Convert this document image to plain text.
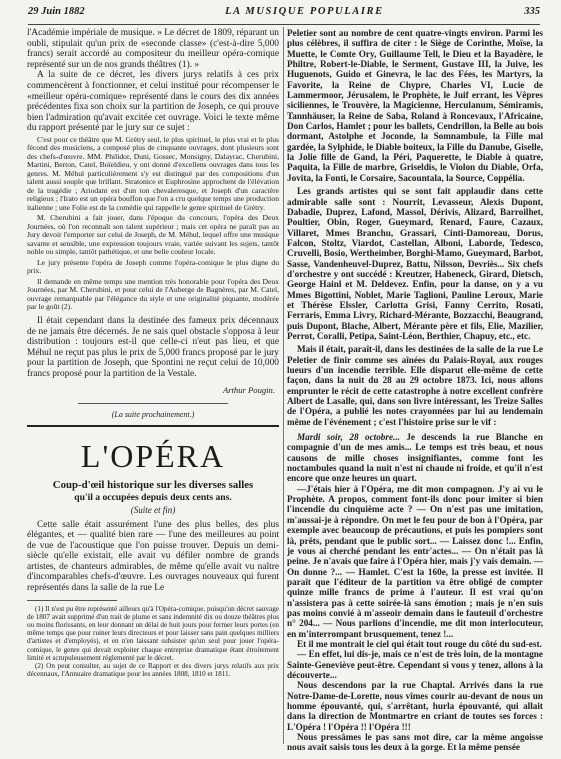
29 Juin 1882	LA MUSIQUE POPULAIRE	335

l'Académie impériale de musique. » Le décret de 1809, réparant un oubli, stipulait qu'un prix de «seconde classe» (c'est-à-dire 5,000 francs) serait accordé au compositeur du meilleur opéra-comique représenté sur un de nos grands théâtres (1). »

A la suite de ce décret, les divers jurys relatifs à ces prix commencèrent à fonctionner, et celui institué pour récompenser le «meilleur opéra-comique» représenté dans le cours des dix années précédentes fixa son choix sur la partition de Joseph, ce qui prouve bien l'admiration qu'avait excitée cet ouvrage. Voici le texte même du rapport présenté par le jury sur ce sujet :

C'est pour ce théâtre que M. Grétry seul, le plus spirituel, le plus vrai et le plus fécond des musiciens, a composé plus de cinquante ouvrages, dont plusieurs sont des chefs-d'œuvre. MM. Philidor, Duni, Gossec, Monsigny, Dalayrac, Cherubini, Martini, Berton, Catel, Boïeldieu, y ont donné d'excellens ouvrages dans tous les genres. M. Méhul particulièrement s'y est distingué par des compositions d'un talent aussi souple que brillant. Stratonice et Euphrosine approchent de l'élévation de la tragédie ; Ariodant est d'un ton chevaleresque, et Joseph d'un caractère religieux ; l'Irato est un opéra bouffon que l'on a cru quelque temps une production italienne ; une Folie est de la comédie qui rappelle le genre spirituel de Grétry.

M. Cherubini a fait jouer, dans l'époque du concours, l'opéra des Deux Journées, où l'on reconnaît son talent supérieur ; mais cet opéra ne paraît pas au Jury devoir l'emporter sur celui de Joseph, de M. Méhul, lequel offre une musique savante et sensible, une expression toujours vraie, variée suivant les sujets, tantôt noble ou simple, tantôt pathétique, et une belle couleur locale.

Le jury présente l'opéra de Joseph comme l'opéra-comique le plus digne du prix.

Il demande en même temps une mention très honorable pour l'opéra des Deux Journées, par M. Cherubini, et pour celui de l'Auberge de Bagnères, par M. Catel, ouvrage remarquable par l'élégance du style et une originalité piquante, modérée par le goût (2).

Il était cependant dans la destinée des fameux prix décennaux de ne jamais être décernés. Je ne sais quel obstacle s'opposa à leur distribution : toujours est-il que celle-ci n'eut pas lieu, et que Méhul ne reçut pas plus le prix de 5,000 francs proposé par le jury pour la partition de Joseph, que Spontini ne reçut celui de 10,000 francs proposé pour la partition de la Vestale.

Arthur Pougin.
(La suite prochainement.)
L'OPÉRA
Coup-d'œil historique sur les diverses salles
qu'il a occupées depuis deux cents ans.
(Suite et fin)

Cette salle était assurément l'une des plus belles, des plus élégantes, et — qualité bien rare — l'une des meilleures au point de vue de l'acoustique que l'on puisse trouver. Depuis un demi-siècle qu'elle existait, elle avait vu défiler nombre de grands artistes, de chanteurs admirables, de même qu'elle avait vu naître d'incomparables chefs-d'œuvre. Les ouvrages nouveaux qui furent représentés dans la salle de la rue Le

(1) Il n'est pu être représenté ailleurs qu'à l'Opéra-comique, puisqu'un décret sauvage de 1807 avait supprimé d'un trait de plume et sans indemnité dix ou douze théâtres plus ou moins florissants, en leur donnant un délai de huit jours pour fermer leurs portes (en même temps que pour ruiner leurs directeurs et pour laisser sans pain quelques milliers d'artistes et d'employés), et en n'en laissant subsister qu'un seul pour jouer l'opéra-comique, le genre qui devait exploiter chaque entreprise dramatique étant étroitement limité et scrupuleusement réglementé par le décret.

(2) On peut consulter, au sujet de ce Rapport et des divers jurys relatifs aux prix décennaux, l'Annuaire dramatique pour les années 1808, 1810 et 1811.

Peletier sont au nombre de cent quatre-vingts environ. Parmi les plus célèbres, il suffira de citer : le Siège de Corinthe, Moïse, la Muette, le Comte Ory, Guillaume Tell, le Dieu et la Bayadère, le Philtre, Robert-le-Diable, le Serment, Gustave III, la Juive, les Huguenots, Guido et Ginevra, le lac des Fées, les Martyrs, la Favorite, la Reine de Chypre, Charles VI, Lucie de Lammermoor, Jérusalem, le Prophète, le Juif errant, les Vêpres siciliennes, le Trouvère, la Magicienne, Herculanum, Sémiramis, Tannhäuser, la Reine de Saba, Roland à Roncevaux, l'Africaine, Don Carlos, Hamlet ; pour les ballets, Cendrillon, la Belle au bois dormant, Astolphe et Joconde, la Somnambule, la Fille mal gardée, la Sylphide, le Diable boiteux, la Fille du Danube, Giselle, la Jolie fille de Gand, la Péri, Paquerette, le Diable à quatre, Paquita, la Fille de marbre, Griseldis, le Violon du Diable, Orfa, Jovita, la Fonti, le Corsaire, Sacountala, la Source, Coppélia.

Les grands artistes qui se sont fait applaudir dans cette admirable salle sont : Nourrit, Levasseur, Alexis Dupont, Dabadie, Duprez, Lafond, Massol, Dérivis, Alizard, Barroilhet, Poultier, Obin, Roger, Gueymard, Renard, Faure, Cazaux, Villaret, Mmes Branchu, Grassari, Cinti-Damoreau, Dorus, Falcon, Stoltz, Viardot, Castellan, Alboni, Laborde, Tedesco, Cruvelli, Bosio, Wertheimber, Borghi-Mamo, Gueymard, Barbot, Sasse, Vandenheuvel-Duprez, Battu, Nilsson, Devriès... Six chefs d'orchestre y ont succédé : Kreutzer, Habeneck, Girard, Dietsch, George Hainl et M. Deldevez. Enfin, pour la danse, on y a vu Mmes Bigottini, Noblet, Marie Taglioni, Pauline Leroux, Marie et Thérèse Elssler, Carlotta Grisi, Fanny Cerrito, Rosati, Ferraris, Emma Livry, Richard-Mérante, Bozzacchi, Beaugrand, puis Dupont, Blache, Albert, Mérante père et fils, Elie, Mazilier, Perrot, Coralli, Petipa, Saint-Léon, Berthier, Chapuy, etc., etc.

Mais il était, paraît-il, dans les destinées de la salle de la rue Le Peletier de finir comme ses aînées du Palais-Royal, aux rouges lueurs d'un incendie terrible. Elle disparut elle-même de cette façon, dans la nuit du 28 au 29 octobre 1873. Ici, nous allons emprunter le récit de cette catastrophe à notre excellent confrère Albert de Lasalle, qui, dans son livre intéressant, les Treize Salles de l'Opéra, a publié les notes crayonnées par lui au lendemain même de l'événement ; c'est l'histoire prise sur le vif :

Mardi soir, 28 octobre... Je descends la rue Blanche en compagnie d'un de mes amis... Le temps est très beau, et nous causons de mille choses insignifiantes, comme font les noctambules quand la nuit n'est ni chaude ni froide, et qu'il n'est encore que onze heures un quart.

—J'étais hier à l'Opéra, me dit mon compagnon. J'y ai vu le Prophète. A propos, comment font-ils donc pour imiter si bien l'incendie du cinquième acte ? — On n'est pas une imitation, m'aussai-je à répondre. On met le feu pour de bon à l'Opéra, par exemple avec beaucoup de précautions, et puis les pompiers sont là, prêts, pendant que le public sort... — Laissez donc !... Enfin, je vous ai cherché pendant les entr'actes... — On n'était pas là peine. Je n'avais que faire à l'Opéra hier, mais j'y vais demain. — On donne ?... — Hamlet. C'est la 160e, la presse est invitée. Il paraît que l'éditeur de la partition va être obligé de compter quinze mille francs de prime à l'auteur. Il est vrai qu'on n'assistera pas à cette soirée-là sans émotion ; mais je n'en suis pas moins convié à m'asseoir demain dans le fauteuil d'orchestre n° 204... — Nous parlions d'incendie, me dit mon interlocuteur, en m'interrompant brusquement, tenez !...

Et il me montrait le ciel qui était tout rouge du côté du sud-est.

— En effet, lui dis-je, mais ce n'est de très loin, de la montagne Sainte-Geneviève peut-être. Cependant si vous y tenez, allons à la découverte...

Nous descendons par la rue Chaptal. Arrivés dans la rue Notre-Dame-de-Lorette, nous vîmes courir au-devant de nous un homme épouvanté, qui, s'arrêtant, hurla épouvanté, qui allait dans la direction de Montmartre en criant de toutes ses forces : L'Opéra ! l'Opéra !! l'Opéra !!!

Nous pressâmes le pas sans mot dire, car la même angoisse nous avait saisis tous les deux à la gorge. Et la même pensée
